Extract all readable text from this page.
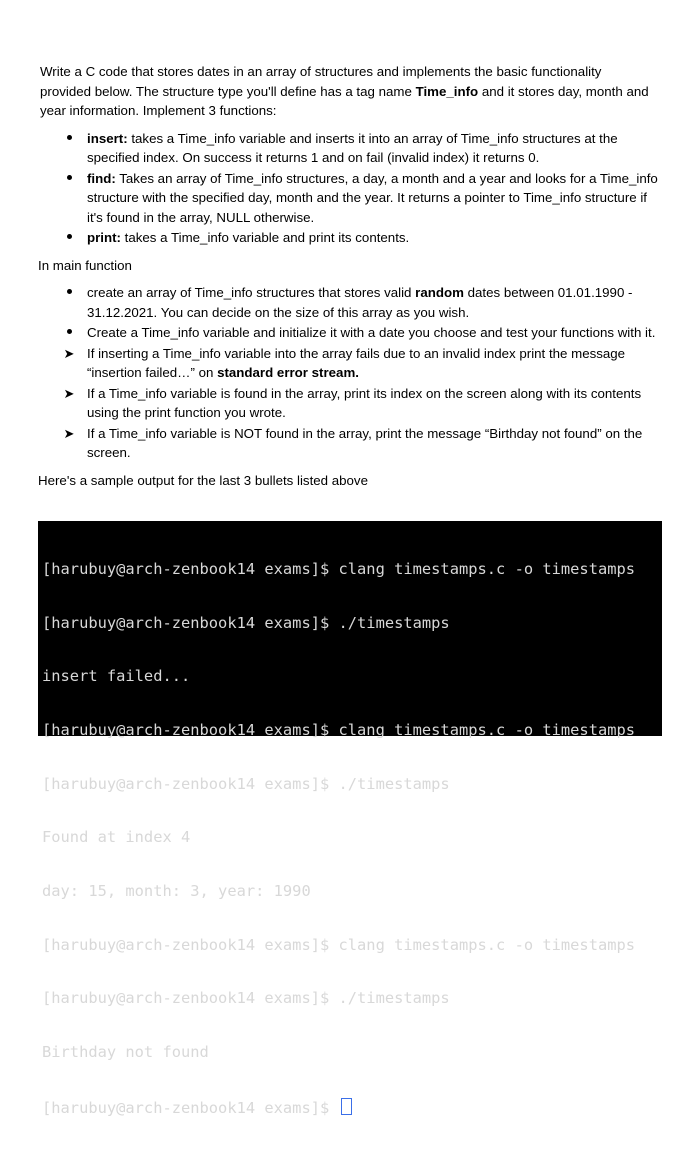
Write a C code that stores dates in an array of structures and implements the basic functionality
provided below. The structure type you'll define has a tag name Time_info and it stores day, month and
year information. Implement 3 functions:

insert: takes a Time_info variable and inserts it into an array of Time_info structures at the specified index. On success it returns 1 and on fail (invalid index) it returns 0.
find: Takes an array of Time_info structures, a day, a month and a year and looks for a Time_info structure with the specified day, month and the year. It returns a pointer to Time_info structure if it's found in the array, NULL otherwise.
print: takes a Time_info variable and print its contents.

In main function

create an array of Time_info structures that stores valid random dates between 01.01.1990 - 31.12.2021. You can decide on the size of this array as you wish.
Create a Time_info variable and initialize it with a date you choose and test your functions with it.
➤ If inserting a Time_info variable into the array fails due to an invalid index print the message “insertion failed…” on standard error stream.
➤ If a Time_info variable is found in the array, print its index on the screen along with its contents using the print function you wrote.
➤ If a Time_info variable is NOT found in the array, print the message “Birthday not found” on the screen.

Here's a sample output for the last 3 bullets listed above

[harubuy@arch-zenbook14 exams]$ clang timestamps.c -o timestamps

[harubuy@arch-zenbook14 exams]$ ./timestamps

insert failed...

[harubuy@arch-zenbook14 exams]$ clang timestamps.c -o timestamps

[harubuy@arch-zenbook14 exams]$ ./timestamps

Found at index 4

day: 15, month: 3, year: 1990

[harubuy@arch-zenbook14 exams]$ clang timestamps.c -o timestamps

[harubuy@arch-zenbook14 exams]$ ./timestamps

Birthday not found

[harubuy@arch-zenbook14 exams]$
